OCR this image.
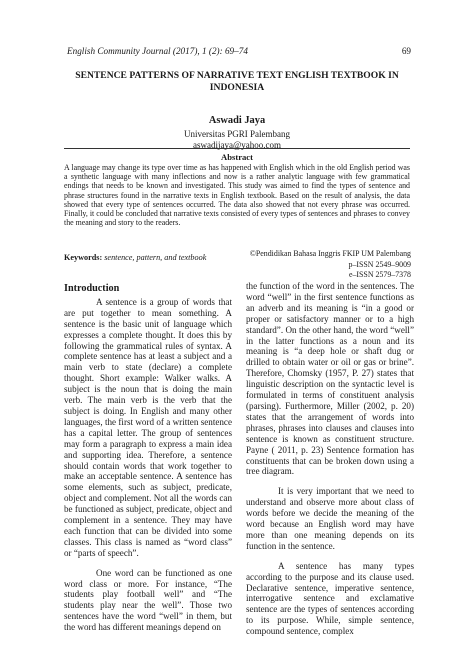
English Community Journal (2017), 1 (2): 69–74	69
SENTENCE PATTERNS OF NARRATIVE TEXT ENGLISH TEXTBOOK IN INDONESIA
Aswadi Jaya
Universitas PGRI Palembang
aswadijaya@yahoo.com
Abstract
A language may change its type over time as has happened with English which in the old English period was a synthetic language with many inflections and now is a rather analytic language with few grammatical endings that needs to be known and investigated. This study was aimed to find the types of sentence and phrase structures found in the narrative texts in English textbook. Based on the result of analysis, the data showed that every type of sentences occurred. The data also showed that not every phrase was occurred. Finally, it could be concluded that narrative texts consisted of every types of sentences and phrases to convey the meaning and story to the readers.
Keywords: sentence, pattern, and textbook	©Pendidikan Bahasa Inggris FKIP UM Palembang
p–ISSN 2549–9009
e–ISSN 2579–7378
Introduction

A sentence is a group of words that are put together to mean something. A sentence is the basic unit of language which expresses a complete thought. It does this by following the grammatical rules of syntax. A complete sentence has at least a subject and a main verb to state (declare) a complete thought. Short example: Walker walks. A subject is the noun that is doing the main verb. The main verb is the verb that the subject is doing. In English and many other languages, the first word of a written sentence has a capital letter. The group of sentences may form a paragraph to express a main idea and supporting idea. Therefore, a sentence should contain words that work together to make an acceptable sentence. A sentence has some elements, such as subject, predicate, object and complement. Not all the words can be functioned as subject, predicate, object and complement in a sentence. They may have each function that can be divided into some classes. This class is named as “word class” or “parts of speech”.

One word can be functioned as one word class or more. For instance, “The students play football well” and “The students play near the well”. Those two sentences have the word “well” in them, but the word has different meanings depend on

the function of the word in the sentences. The word “well” in the first sentence functions as an adverb and its meaning is “in a good or proper or satisfactory manner or to a high standard”. On the other hand, the word “well” in the latter functions as a noun and its meaning is “a deep hole or shaft dug or drilled to obtain water or oil or gas or brine”. Therefore, Chomsky (1957, P. 27) states that linguistic description on the syntactic level is formulated in terms of constituent analysis (parsing). Furthermore, Miller (2002, p. 20) states that the arrangement of words into phrases, phrases into clauses and clauses into sentence is known as constituent structure. Payne ( 2011, p. 23) Sentence formation has constituents that can be broken down using a tree diagram.

It is very important that we need to understand and observe more about class of words before we decide the meaning of the word because an English word may have more than one meaning depends on its function in the sentence.

A sentence has many types according to the purpose and its clause used. Declarative sentence, imperative sentence, interrogative sentence and exclamative sentence are the types of sentences according to its purpose. While, simple sentence, compound sentence, complex
